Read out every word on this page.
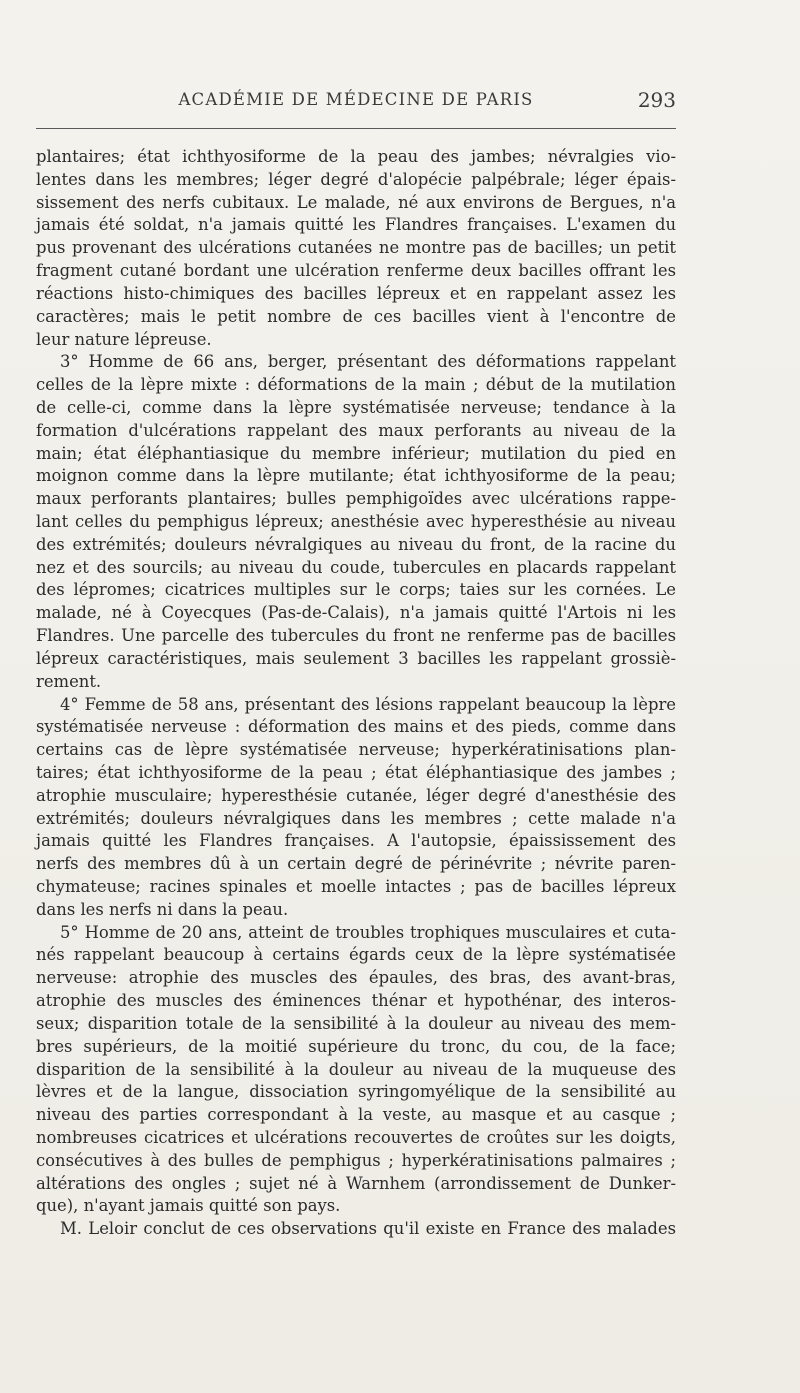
ACADÉMIE DE MÉDECINE DE PARIS	293
plantaires; état ichthyosiforme de la peau des jambes; névralgies vio-
lentes dans les membres; léger degré d'alopécie palpébrale; léger épais-
sissement des nerfs cubitaux. Le malade, né aux environs de Bergues, n'a
jamais été soldat, n'a jamais quitté les Flandres françaises. L'examen du
pus provenant des ulcérations cutanées ne montre pas de bacilles; un petit
fragment cutané bordant une ulcération renferme deux bacilles offrant les
réactions histo-chimiques des bacilles lépreux et en rappelant assez les
caractères; mais le petit nombre de ces bacilles vient à l'encontre de
leur nature lépreuse.
3° Homme de 66 ans, berger, présentant des déformations rappelant
celles de la lèpre mixte : déformations de la main ; début de la mutilation
de celle-ci, comme dans la lèpre systématisée nerveuse; tendance à la
formation d'ulcérations rappelant des maux perforants au niveau de la
main; état éléphantiasique du membre inférieur; mutilation du pied en
moignon comme dans la lèpre mutilante; état ichthyosiforme de la peau;
maux perforants plantaires; bulles pemphigoïdes avec ulcérations rappe-
lant celles du pemphigus lépreux; anesthésie avec hyperesthésie au niveau
des extrémités; douleurs névralgiques au niveau du front, de la racine du
nez et des sourcils; au niveau du coude, tubercules en placards rappelant
des lépromes; cicatrices multiples sur le corps; taies sur les cornées. Le
malade, né à Coyecques (Pas-de-Calais), n'a jamais quitté l'Artois ni les
Flandres. Une parcelle des tubercules du front ne renferme pas de bacilles
lépreux caractéristiques, mais seulement 3 bacilles les rappelant grossiè-
rement.
4° Femme de 58 ans, présentant des lésions rappelant beaucoup la lèpre
systématisée nerveuse : déformation des mains et des pieds, comme dans
certains cas de lèpre systématisée nerveuse; hyperkératinisations plan-
taires; état ichthyosiforme de la peau ; état éléphantiasique des jambes ;
atrophie musculaire; hyperesthésie cutanée, léger degré d'anesthésie des
extrémités; douleurs névralgiques dans les membres ; cette malade n'a
jamais quitté les Flandres françaises. A l'autopsie, épaississement des
nerfs des membres dû à un certain degré de périnévrite ; névrite paren-
chymateuse; racines spinales et moelle intactes ; pas de bacilles lépreux
dans les nerfs ni dans la peau.
5° Homme de 20 ans, atteint de troubles trophiques musculaires et cuta-
nés rappelant beaucoup à certains égards ceux de la lèpre systématisée
nerveuse: atrophie des muscles des épaules, des bras, des avant-bras,
atrophie des muscles des éminences thénar et hypothénar, des interos-
seux; disparition totale de la sensibilité à la douleur au niveau des mem-
bres supérieurs, de la moitié supérieure du tronc, du cou, de la face;
disparition de la sensibilité à la douleur au niveau de la muqueuse des
lèvres et de la langue, dissociation syringomyélique de la sensibilité au
niveau des parties correspondant à la veste, au masque et au casque ;
nombreuses cicatrices et ulcérations recouvertes de croûtes sur les doigts,
consécutives à des bulles de pemphigus ; hyperkératinisations palmaires ;
altérations des ongles ; sujet né à Warnhem (arrondissement de Dunker-
que), n'ayant jamais quitté son pays.
M. Leloir conclut de ces observations qu'il existe en France des malades
